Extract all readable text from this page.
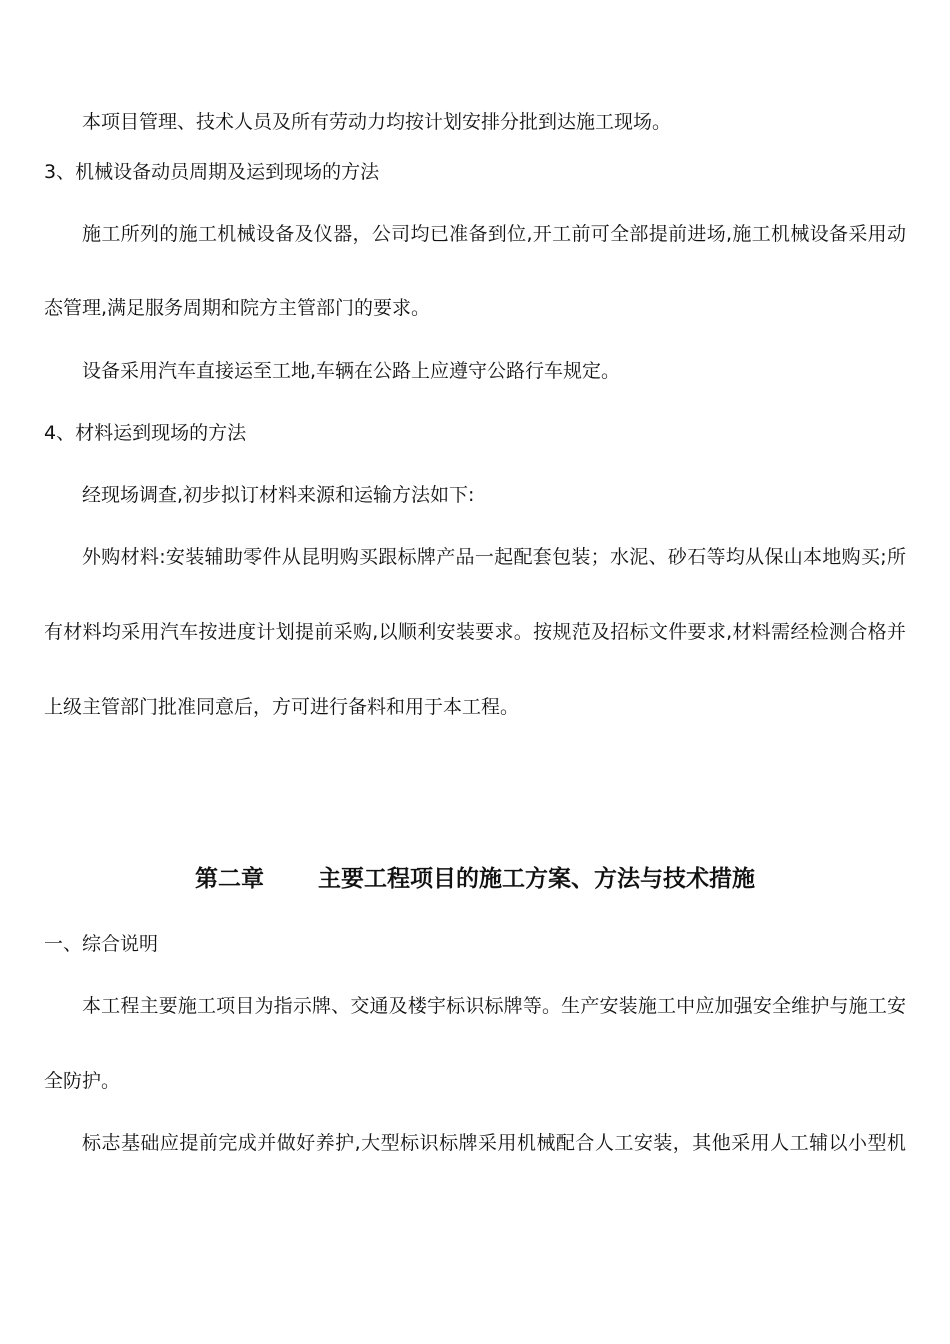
本项目管理、技术人员及所有劳动力均按计划安排分批到达施工现场。
3、机械设备动员周期及运到现场的方法
施工所列的施工机械设备及仪器，公司均已准备到位,开工前可全部提前进场,施工机械设备采用动
态管理,满足服务周期和院方主管部门的要求。
设备采用汽车直接运至工地,车辆在公路上应遵守公路行车规定。
4、材料运到现场的方法
经现场调查,初步拟订材料来源和运输方法如下:
外购材料:安装辅助零件从昆明购买跟标牌产品一起配套包装；水泥、砂石等均从保山本地购买;所
有材料均采用汽车按进度计划提前采购,以顺利安装要求。按规范及招标文件要求,材料需经检测合格并
上级主管部门批准同意后，方可进行备料和用于本工程。
第二章 主要工程项目的施工方案、方法与技术措施
一、综合说明
本工程主要施工项目为指示牌、交通及楼宇标识标牌等。生产安装施工中应加强安全维护与施工安
全防护。
标志基础应提前完成并做好养护,大型标识标牌采用机械配合人工安装，其他采用人工辅以小型机
